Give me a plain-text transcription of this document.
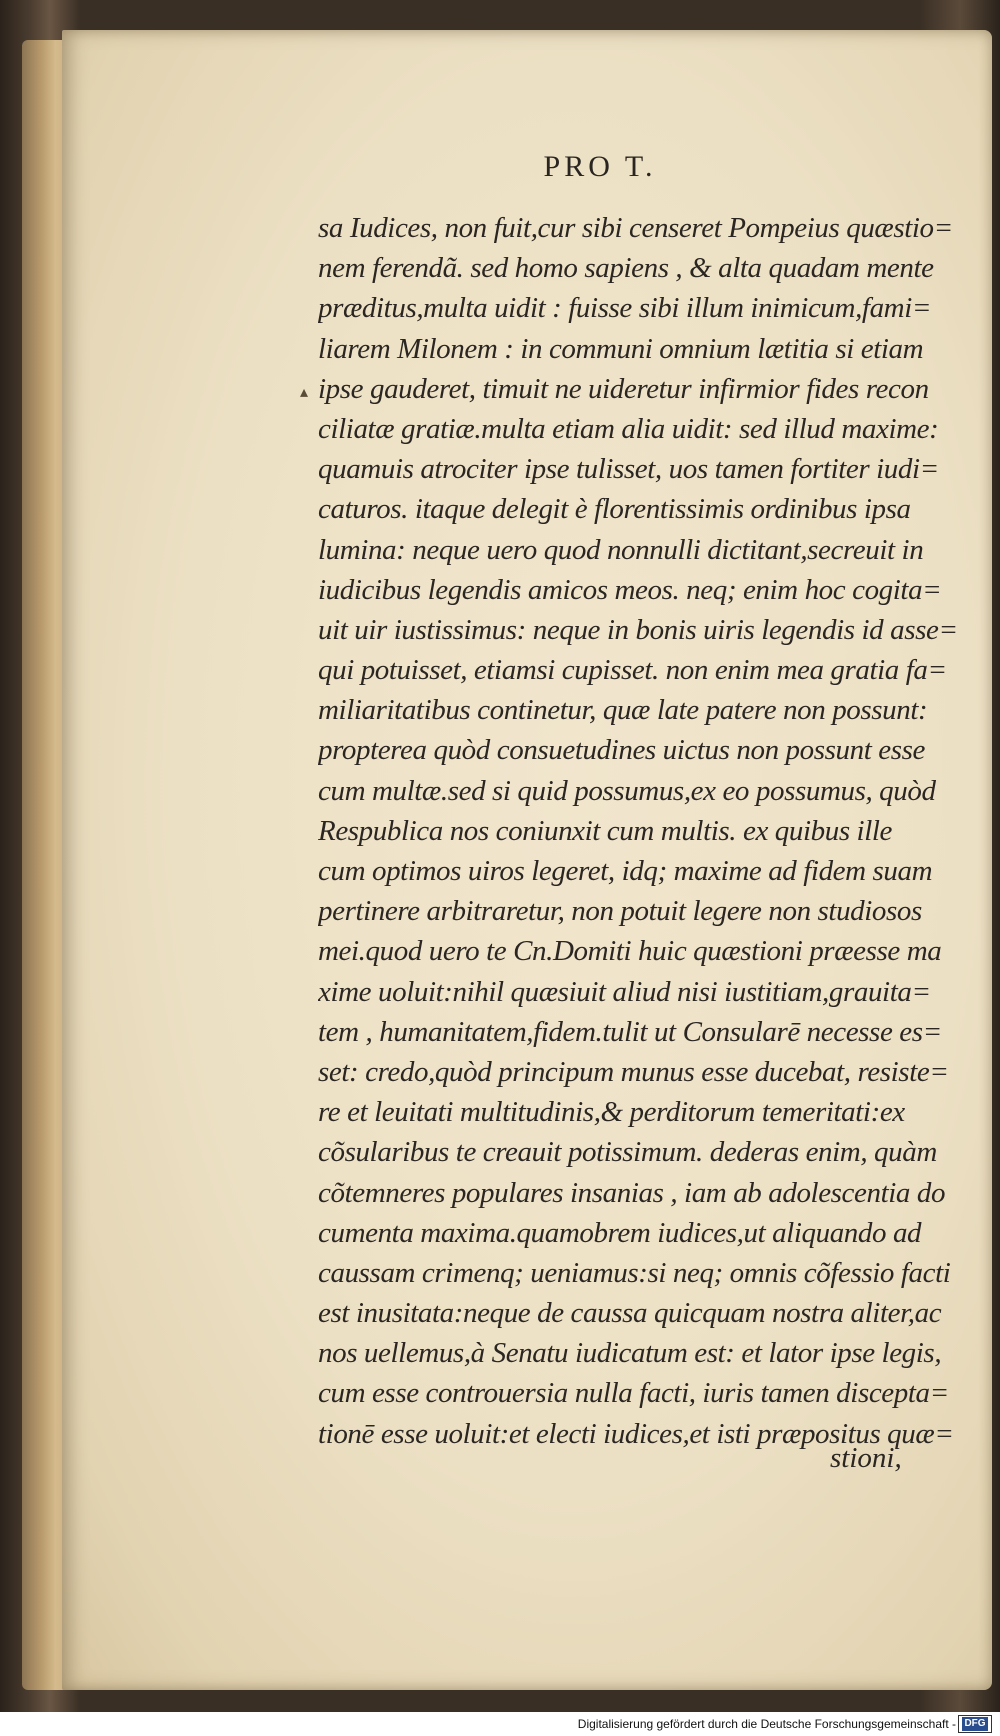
PRO T.
▴
sa Iudices, non fuit,cur sibi censeret Pompeius quæstio=
nem ferendã. sed homo sapiens , & alta quadam mente
præditus,multa uidit : fuisse sibi illum inimicum,fami=
liarem Milonem : in communi omnium lætitia si etiam
ipse gauderet, timuit ne uideretur infirmior fides recon
ciliatæ gratiæ.multa etiam alia uidit: sed illud maxime:
quamuis atrociter ipse tulisset, uos tamen fortiter iudi=
caturos. itaque delegit è florentissimis ordinibus ipsa
lumina: neque uero quod nonnulli dictitant,secreuit in
iudicibus legendis amicos meos. neq; enim hoc cogita=
uit uir iustissimus: neque in bonis uiris legendis id asse=
qui potuisset, etiamsi cupisset. non enim mea gratia fa=
miliaritatibus continetur, quæ late patere non possunt:
propterea quòd consuetudines uictus non possunt esse
cum multæ.sed si quid possumus,ex eo possumus, quòd
Respublica nos coniunxit cum multis. ex quibus ille
cum optimos uiros legeret, idq; maxime ad fidem suam
pertinere arbitraretur, non potuit legere non studiosos
mei.quod uero te Cn.Domiti huic quæstioni præesse ma
xime uoluit:nihil quæsiuit aliud nisi iustitiam,grauita=
tem , humanitatem,fidem.tulit ut Consularē necesse es=
set: credo,quòd principum munus esse ducebat, resiste=
re et leuitati multitudinis,& perditorum temeritati:ex
cõsularibus te creauit potissimum. dederas enim, quàm
cõtemneres populares insanias , iam ab adolescentia do
cumenta maxima.quamobrem iudices,ut aliquando ad
caussam crimenq; ueniamus:si neq; omnis cõfessio facti
est inusitata:neque de caussa quicquam nostra aliter,ac
nos uellemus,à Senatu iudicatum est: et lator ipse legis,
cum esse controuersia nulla facti, iuris tamen discepta=
tionē esse uoluit:et electi iudices,et isti præpositus quæ=
stioni,
Digitalisierung gefördert durch die Deutsche Forschungsgemeinschaft - DFG
